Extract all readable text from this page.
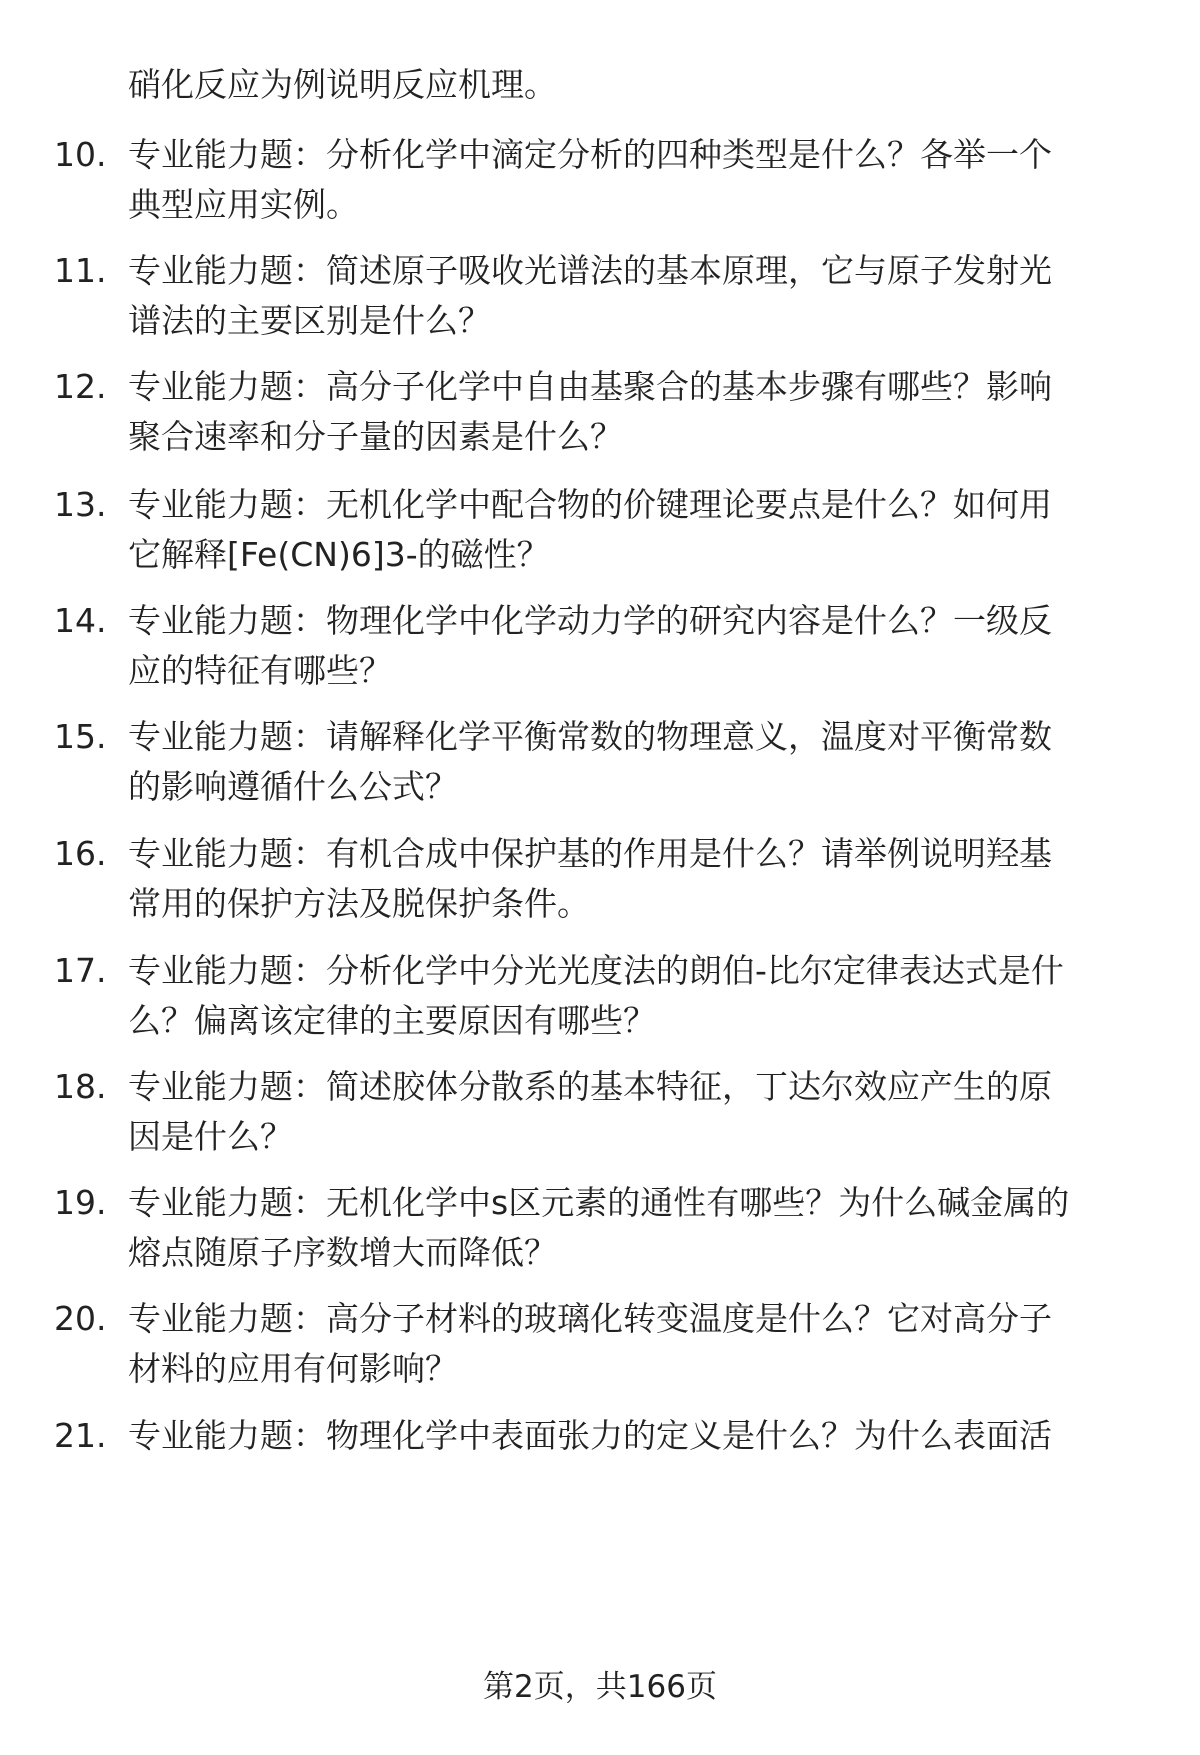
硝化反应为例说明反应机理。
10. 专业能力题：分析化学中滴定分析的四种类型是什么？各举一个
典型应用实例。
11. 专业能力题：简述原子吸收光谱法的基本原理，它与原子发射光
谱法的主要区别是什么？
12. 专业能力题：高分子化学中自由基聚合的基本步骤有哪些？影响
聚合速率和分子量的因素是什么？
13. 专业能力题：无机化学中配合物的价键理论要点是什么？如何用
它解释[Fe(CN)6]3-的磁性？
14. 专业能力题：物理化学中化学动力学的研究内容是什么？一级反
应的特征有哪些？
15. 专业能力题：请解释化学平衡常数的物理意义，温度对平衡常数
的影响遵循什么公式？
16. 专业能力题：有机合成中保护基的作用是什么？请举例说明羟基
常用的保护方法及脱保护条件。
17. 专业能力题：分析化学中分光光度法的朗伯-比尔定律表达式是什
么？偏离该定律的主要原因有哪些？
18. 专业能力题：简述胶体分散系的基本特征，丁达尔效应产生的原
因是什么？
19. 专业能力题：无机化学中s区元素的通性有哪些？为什么碱金属的
熔点随原子序数增大而降低？
20. 专业能力题：高分子材料的玻璃化转变温度是什么？它对高分子
材料的应用有何影响？
21. 专业能力题：物理化学中表面张力的定义是什么？为什么表面活
第2页，共166页
